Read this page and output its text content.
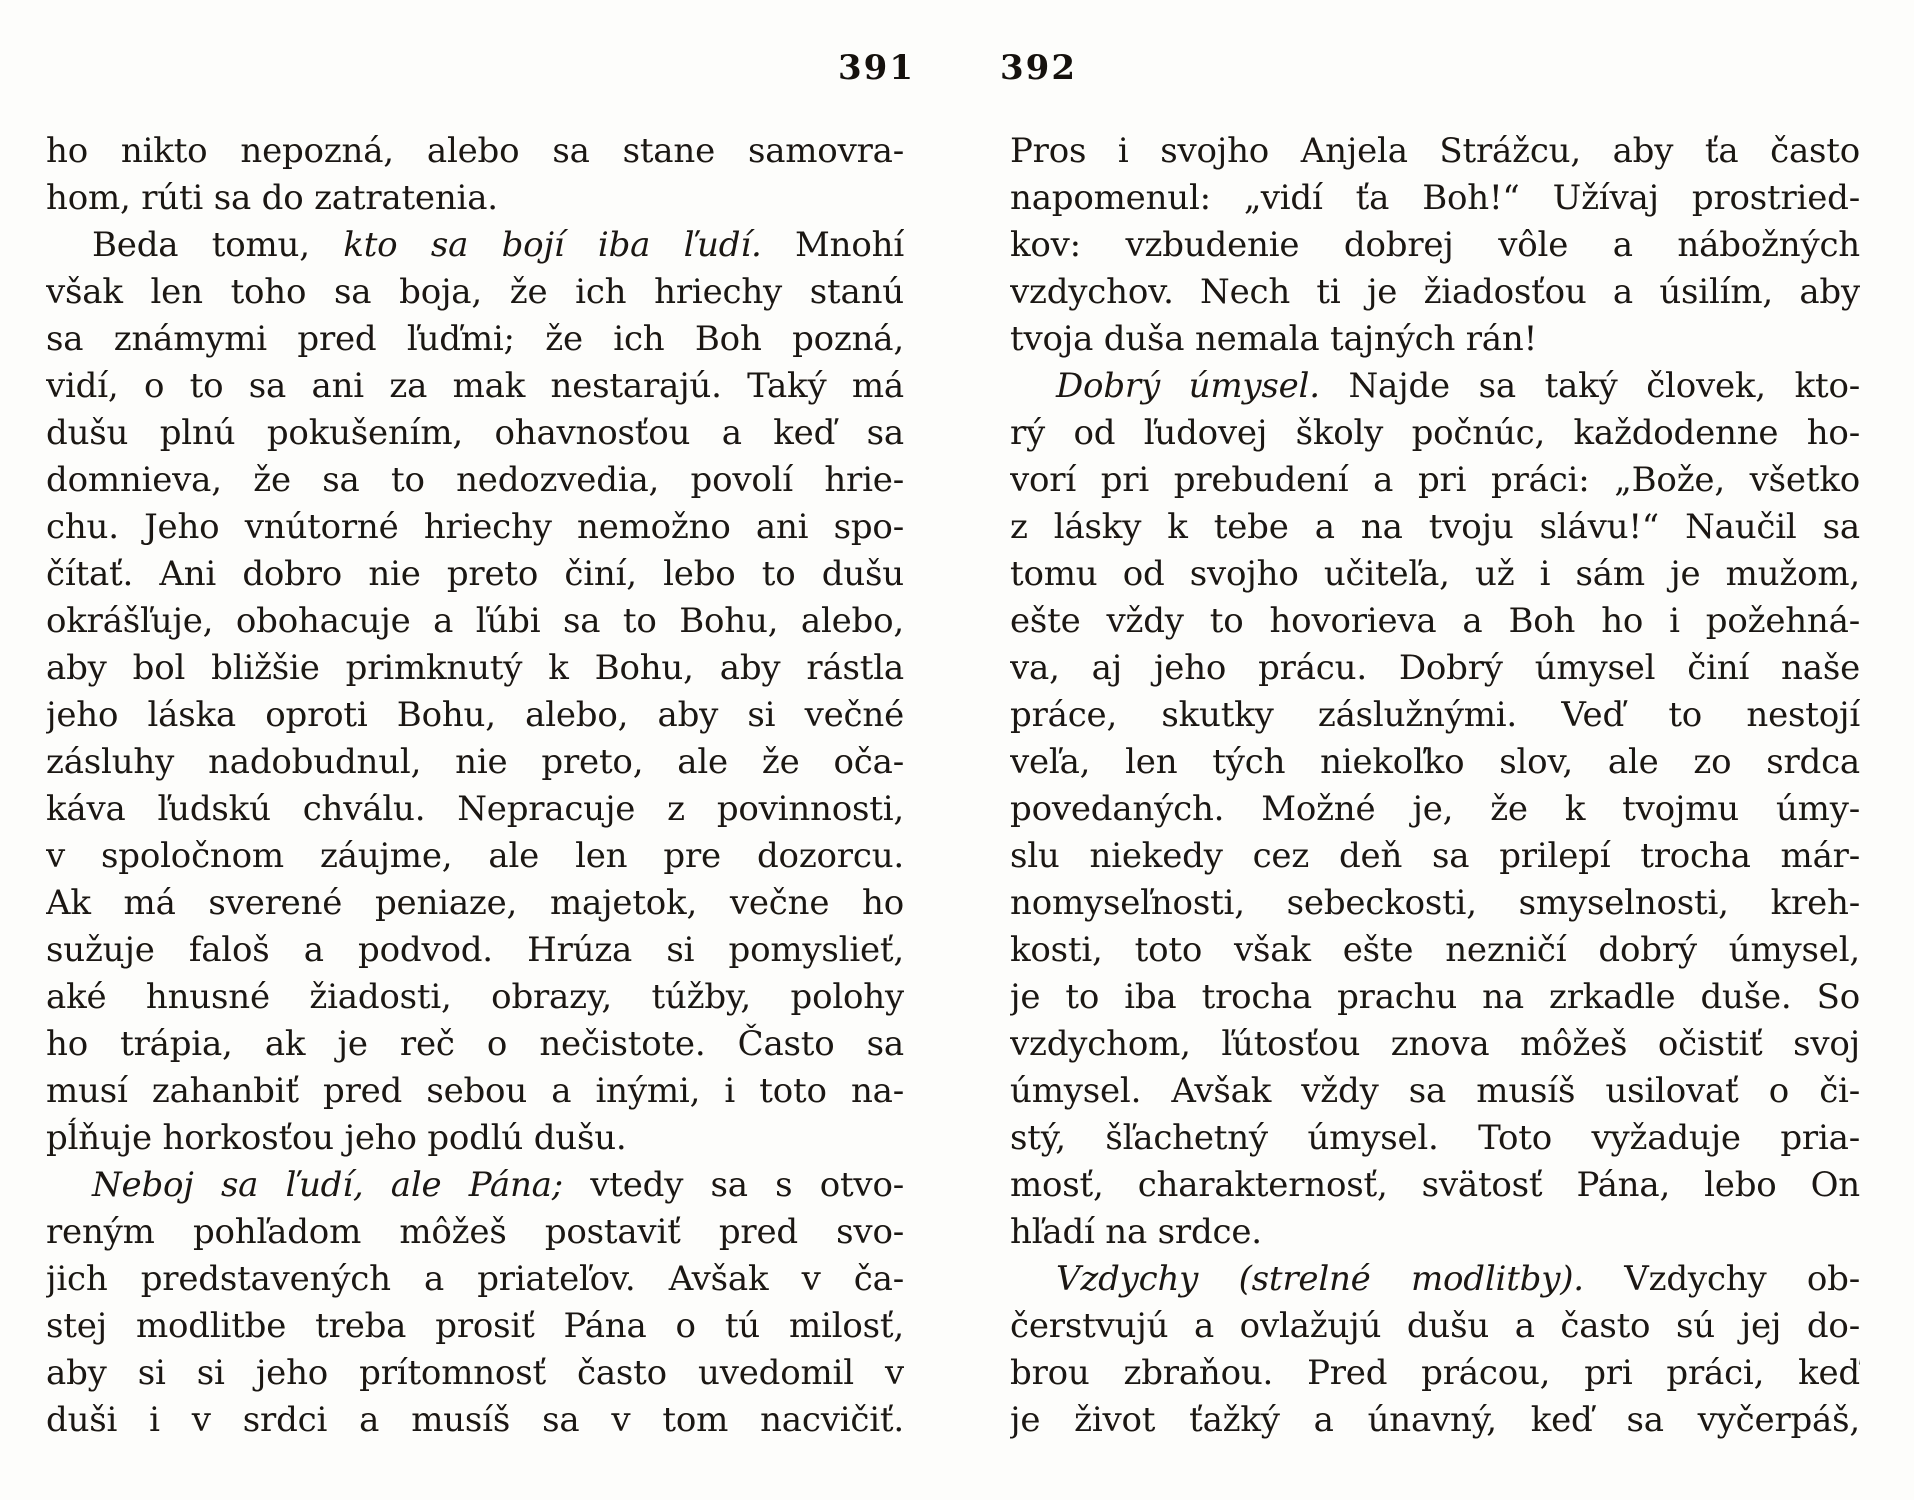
391	392
ho nikto nepozná, alebo sa stane samovra-
hom, rúti sa do zatratenia.
Beda tomu, kto sa bojí iba ľudí. Mnohí
však len toho sa boja, že ich hriechy stanú
sa známymi pred ľuďmi; že ich Boh pozná,
vidí, o to sa ani za mak nestarajú. Taký má
dušu plnú pokušením, ohavnosťou a keď sa
domnieva, že sa to nedozvedia, povolí hrie-
chu. Jeho vnútorné hriechy nemožno ani spo-
čítať. Ani dobro nie preto činí, lebo to dušu
okrášľuje, obohacuje a ľúbi sa to Bohu, alebo,
aby bol bližšie primknutý k Bohu, aby rástla
jeho láska oproti Bohu, alebo, aby si večné
zásluhy nadobudnul, nie preto, ale že oča-
káva ľudskú chválu. Nepracuje z povinnosti,
v spoločnom záujme, ale len pre dozorcu.
Ak má sverené peniaze, majetok, večne ho
sužuje faloš a podvod. Hrúza si pomyslieť,
aké hnusné žiadosti, obrazy, túžby, polohy
ho trápia, ak je reč o nečistote. Často sa
musí zahanbiť pred sebou a inými, i toto na-
pĺňuje horkosťou jeho podlú dušu.
Neboj sa ľudí, ale Pána; vtedy sa s otvo-
reným pohľadom môžeš postaviť pred svo-
jich predstavených a priateľov. Avšak v ča-
stej modlitbe treba prosiť Pána o tú milosť,
aby si si jeho prítomnosť často uvedomil v
duši i v srdci a musíš sa v tom nacvičiť.
Pros i svojho Anjela Strážcu, aby ťa často
napomenul: „vidí ťa Boh!“ Užívaj prostried-
kov: vzbudenie dobrej vôle a nábožných
vzdychov. Nech ti je žiadosťou a úsilím, aby
tvoja duša nemala tajných rán!
Dobrý úmysel. Najde sa taký človek, kto-
rý od ľudovej školy počnúc, každodenne ho-
vorí pri prebudení a pri práci: „Bože, všetko
z lásky k tebe a na tvoju slávu!“ Naučil sa
tomu od svojho učiteľa, už i sám je mužom,
ešte vždy to hovorieva a Boh ho i požehná-
va, aj jeho prácu. Dobrý úmysel činí naše
práce, skutky záslužnými. Veď to nestojí
veľa, len tých niekoľko slov, ale zo srdca
povedaných. Možné je, že k tvojmu úmy-
slu niekedy cez deň sa prilepí trocha már-
nomyseľnosti, sebeckosti, smyselnosti, kreh-
kosti, toto však ešte nezničí dobrý úmysel,
je to iba trocha prachu na zrkadle duše. So
vzdychom, ľútosťou znova môžeš očistiť svoj
úmysel. Avšak vždy sa musíš usilovať o či-
stý, šľachetný úmysel. Toto vyžaduje pria-
mosť, charakternosť, svätosť Pána, lebo On
hľadí na srdce.
Vzdychy (strelné modlitby). Vzdychy ob-
čerstvujú a ovlažujú dušu a často sú jej do-
brou zbraňou. Pred prácou, pri práci, keď
je život ťažký a únavný, keď sa vyčerpáš,
